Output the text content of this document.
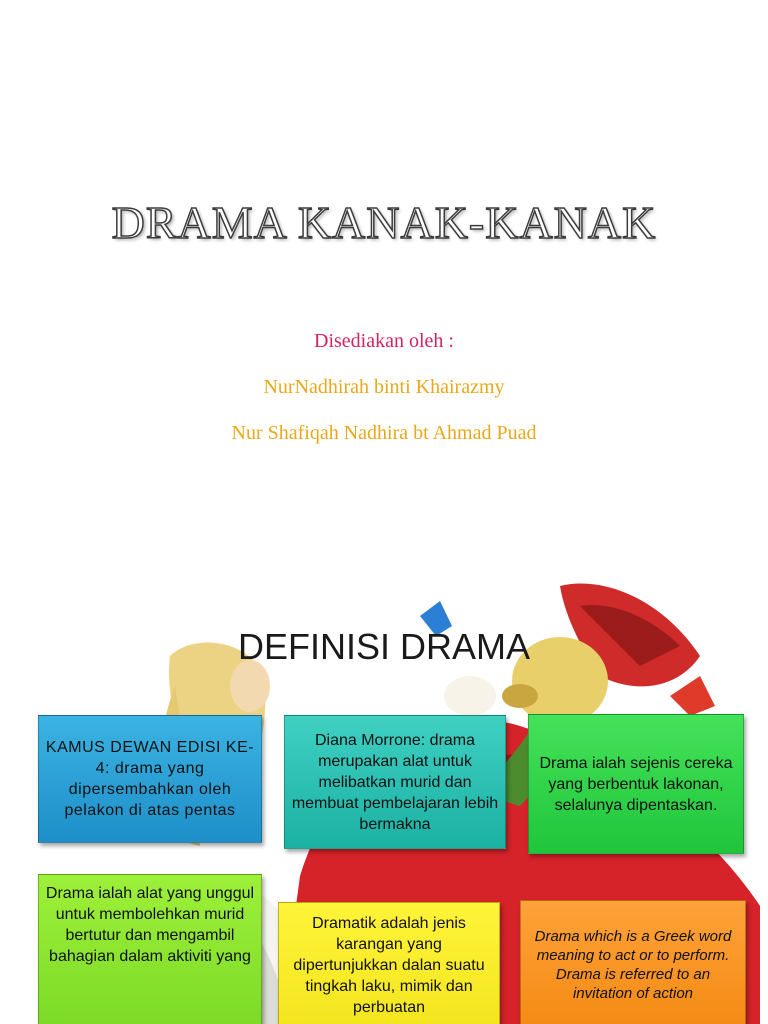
DRAMA KANAK-KANAK
Disediakan oleh :
NurNadhirah binti Khairazmy
Nur Shafiqah Nadhira bt Ahmad Puad
DEFINISI DRAMA
KAMUS DEWAN EDISI KE-4: drama yang dipersembahkan oleh pelakon di atas pentas
Diana Morrone: drama merupakan alat untuk melibatkan murid dan membuat pembelajaran lebih bermakna
Drama ialah sejenis cereka yang berbentuk lakonan, selalunya dipentaskan.
Drama ialah alat yang unggul untuk membolehkan murid bertutur dan mengambil bahagian dalam aktiviti yang
Dramatik adalah jenis karangan yang dipertunjukkan dalan suatu tingkah laku, mimik dan perbuatan
Drama which is a Greek word meaning to act or to perform. Drama is referred to an invitation of action
